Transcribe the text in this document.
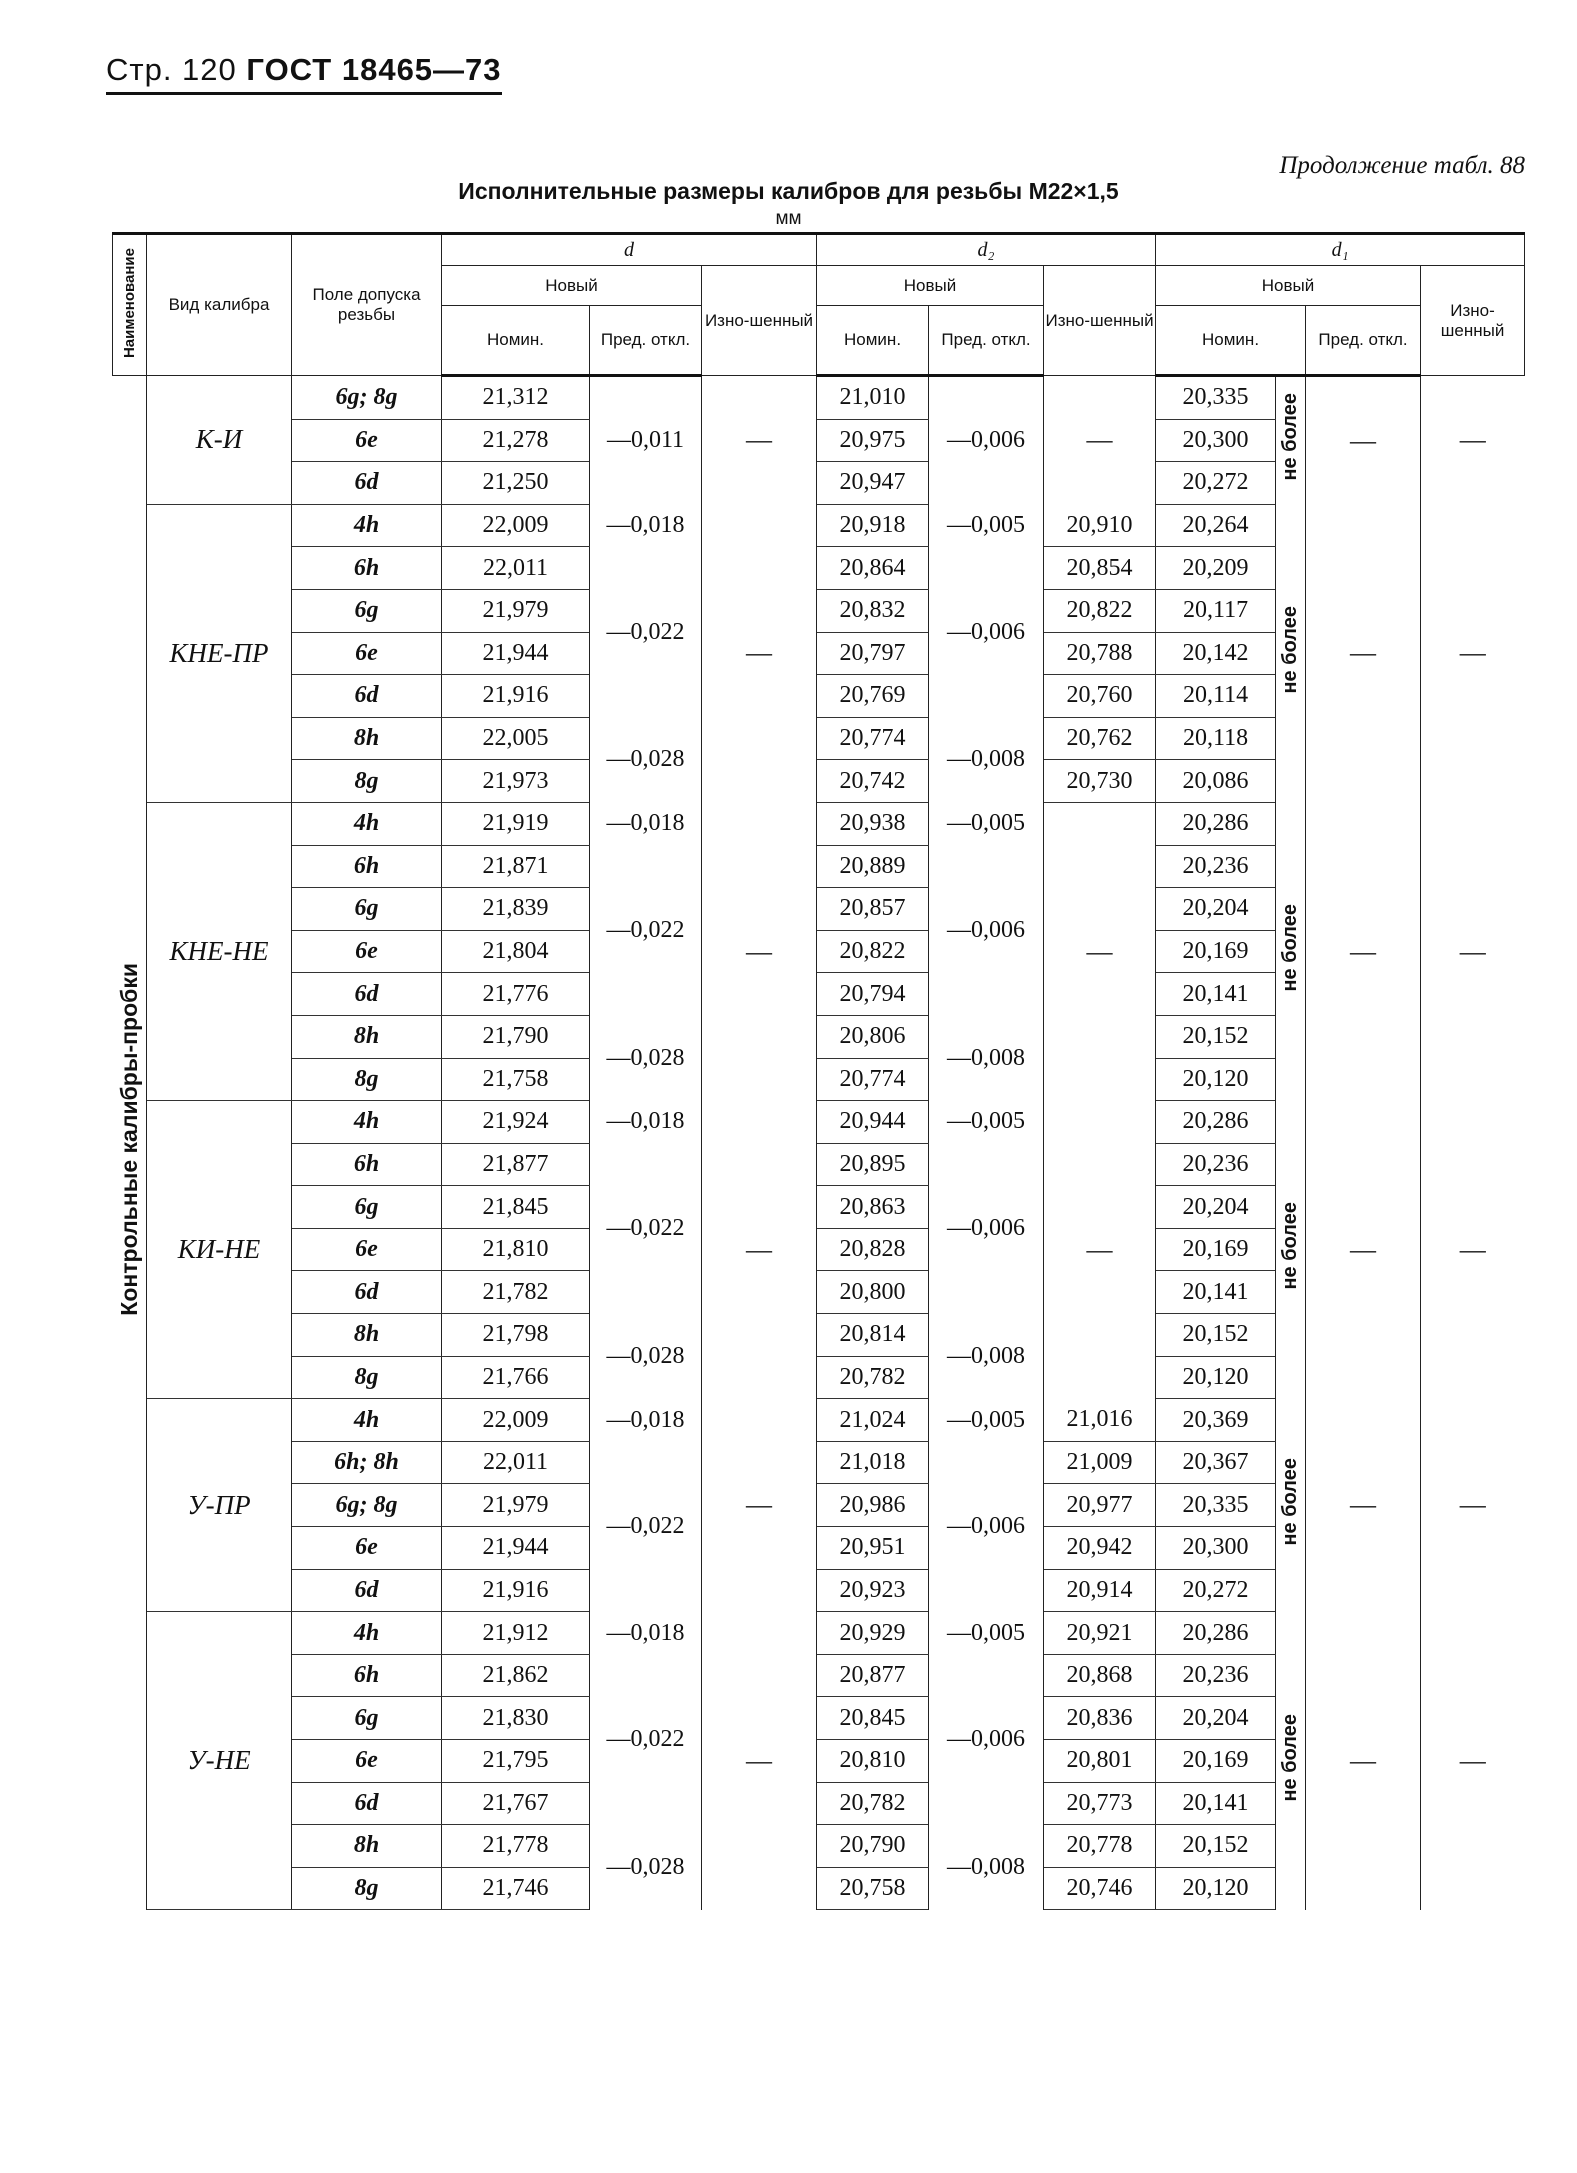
Стр. 120 ГОСТ 18465—73
Продолжение табл. 88
Исполнительные размеры калибров для резьбы М22×1,5
мм
Наименование	Вид калибра	Поле допуска резьбы	d			d₂			d₁			
			Новый		Изно-шенный	Новый		Изно-шенный	Новый			Изно-шенный
			Номин.	Пред. откл.		Номин.	Пред. откл.		Номин.		Пред. откл.	
Контрольные калибры-пробки	К-И	6g; 8g	21,312	—0,011	—	21,010	—0,006	—	20,335	не более	—	—
		6e	21,278			20,975			20,300			
		6d	21,250			20,947			20,272			
	КНЕ-ПР	4h	22,009	—0,018	—	20,918	—0,005	20,910	20,264	не более	—	—
		6h	22,011	—0,022		20,864	—0,006	20,854	20,209			
		6g	21,979			20,832		20,822	20,117			
		6e	21,944			20,797		20,788	20,142			
		6d	21,916			20,769		20,760	20,114			
		8h	22,005	—0,028		20,774	—0,008	20,762	20,118			
		8g	21,973			20,742		20,730	20,086			
	КНЕ-НЕ	4h	21,919	—0,018	—	20,938	—0,005	—	20,286	не более	—	—
		6h	21,871	—0,022		20,889	—0,006		20,236			
		6g	21,839			20,857			20,204			
		6e	21,804			20,822			20,169			
		6d	21,776			20,794			20,141			
		8h	21,790	—0,028		20,806	—0,008		20,152			
		8g	21,758			20,774			20,120			
	КИ-НЕ	4h	21,924	—0,018	—	20,944	—0,005	—	20,286	не более	—	—
		6h	21,877	—0,022		20,895	—0,006		20,236			
		6g	21,845			20,863			20,204			
		6e	21,810			20,828			20,169			
		6d	21,782			20,800			20,141			
		8h	21,798	—0,028		20,814	—0,008		20,152			
		8g	21,766			20,782			20,120			
	У-ПР	4h	22,009	—0,018	—	21,024	—0,005	21,016	20,369	не более	—	—
		6h; 8h	22,011	—0,022		21,018	—0,006	21,009	20,367			
		6g; 8g	21,979			20,986		20,977	20,335			
		6e	21,944			20,951		20,942	20,300			
		6d	21,916			20,923		20,914	20,272			
	У-НЕ	4h	21,912	—0,018	—	20,929	—0,005	20,921	20,286	не более	—	—
		6h	21,862	—0,022		20,877	—0,006	20,868	20,236			
		6g	21,830			20,845		20,836	20,204			
		6e	21,795			20,810		20,801	20,169			
		6d	21,767			20,782		20,773	20,141			
		8h	21,778	—0,028		20,790	—0,008	20,778	20,152			
		8g	21,746			20,758		20,746	20,120			
